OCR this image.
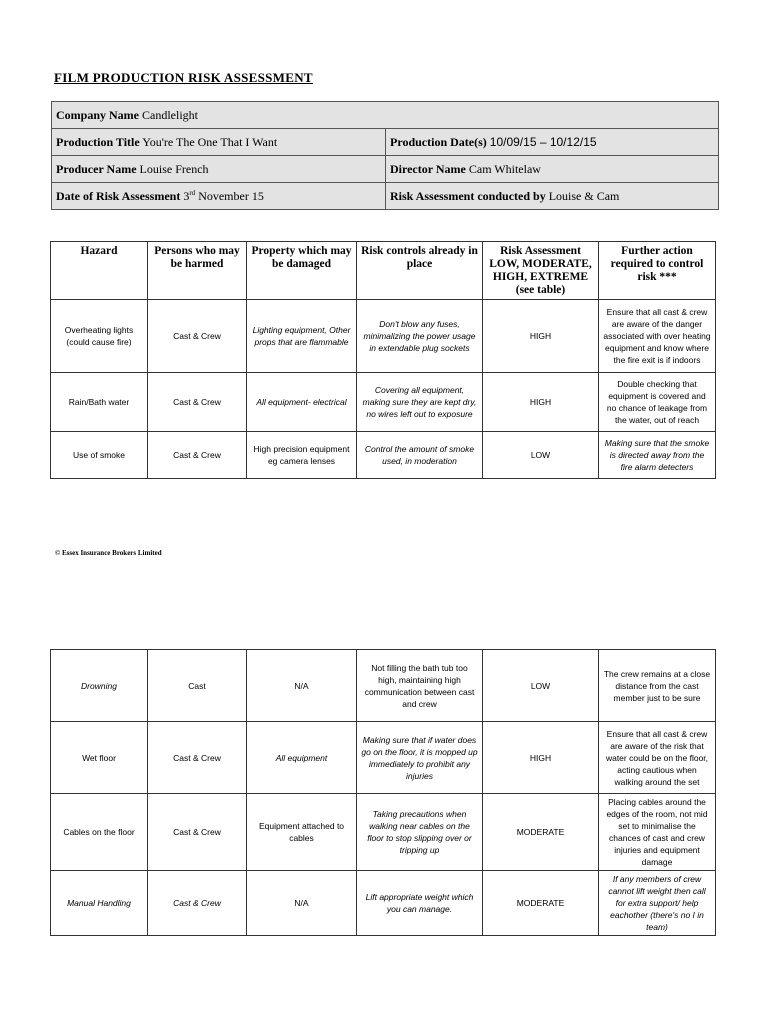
FILM PRODUCTION RISK ASSESSMENT
Company Name Candlelight	
Production Title You're The One That I Want	Production Date(s) 10/09/15 – 10/12/15
Producer Name Louise French	Director Name Cam Whitelaw
Date of Risk Assessment 3rd November 15	Risk Assessment conducted by Louise & Cam
Hazard	Persons who may be harmed	Property which may be damaged	Risk controls already in place	Risk Assessment LOW, MODERATE, HIGH, EXTREME (see table)	Further action required to control risk ***
Overheating lights (could cause fire)	Cast & Crew	Lighting equipment, Other props that are flammable	Don't blow any fuses, minimalizing the power usage in extendable plug sockets	HIGH	Ensure that all cast & crew are aware of the danger associated with over heating equipment and know where the fire exit is if indoors
Rain/Bath water	Cast & Crew	All equipment- electrical	Covering all equipment, making sure they are kept dry, no wires left out to exposure	HIGH	Double checking that equipment is covered and no chance of leakage from the water, out of reach
Use of smoke	Cast & Crew	High precision equipment eg camera lenses	Control the amount of smoke used, in moderation	LOW	Making sure that the smoke is directed away from the fire alarm detecters
© Essex Insurance Brokers Limited
Drowning	Cast	N/A	Not filling the bath tub too high, maintaining high communication between cast and crew	LOW	The crew remains at a close distance from the cast member just to be sure
Wet floor	Cast & Crew	All equipment	Making sure that if water does go on the floor, it is mopped up immediately to prohibit any injuries	HIGH	Ensure that all cast & crew are aware of the risk that water could be on the floor, acting cautious when walking around the set
Cables on the floor	Cast & Crew	Equipment attached to cables	Taking precautions when walking near cables on the floor to stop slipping over or tripping up	MODERATE	Placing cables around the edges of the room, not mid set to minimalise the chances of cast and crew injuries and equipment damage
Manual Handling	Cast & Crew	N/A	Lift appropriate weight which you can manage.	MODERATE	If any members of crew cannot lift weight then call for extra support/ help eachother (there's no I in team)
